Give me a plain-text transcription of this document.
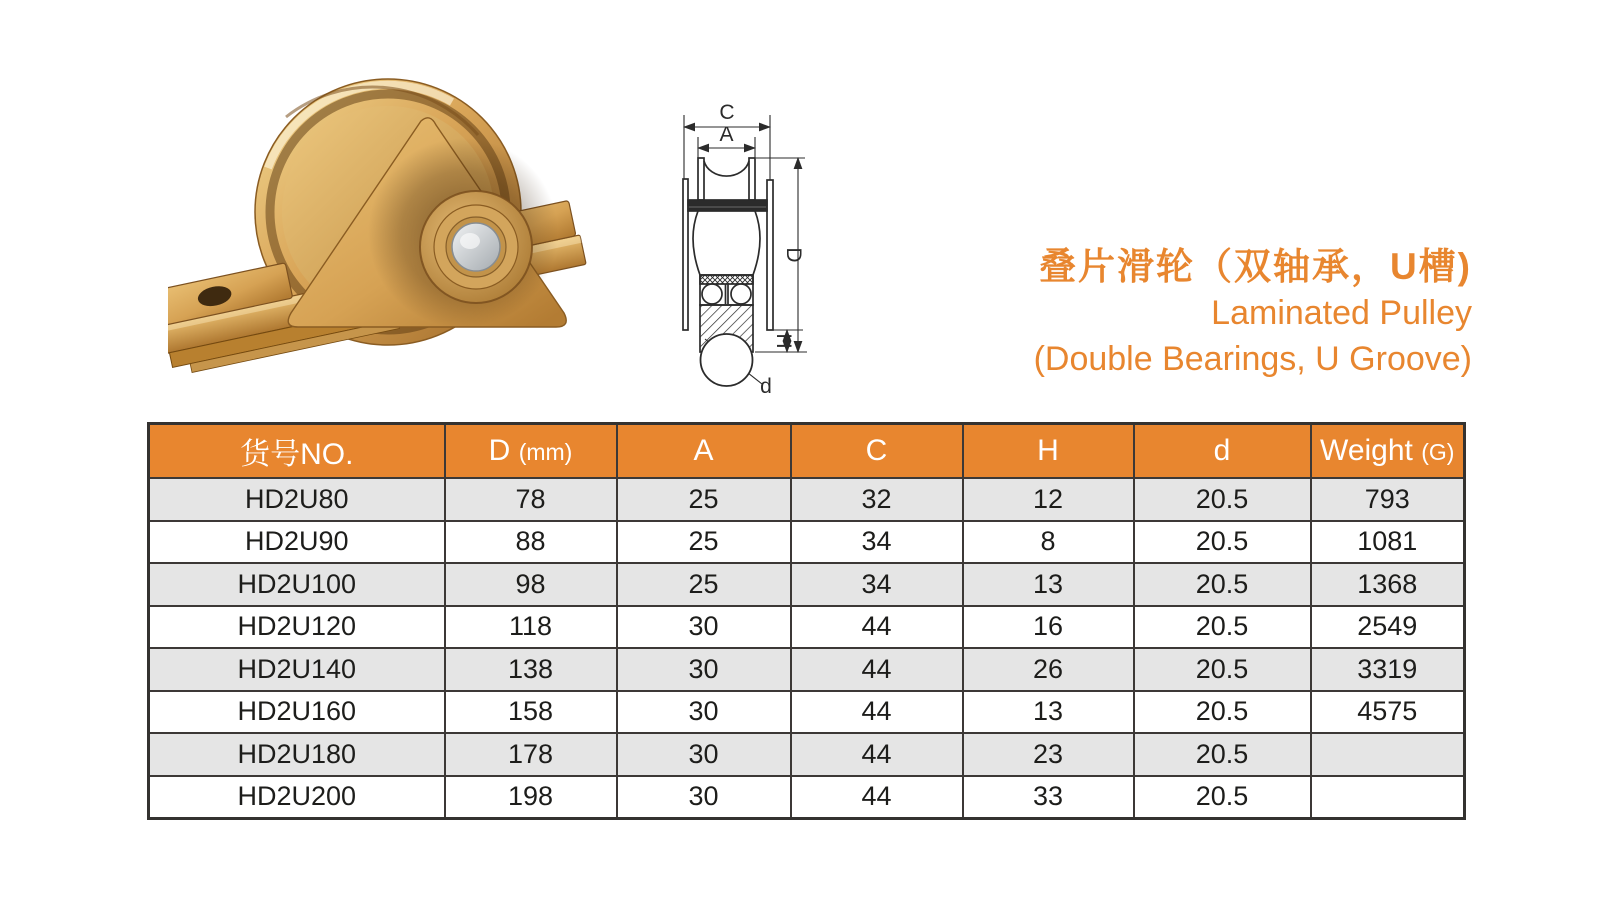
C
A
D
H
d
叠片滑轮（双轴承，U槽)
Laminated Pulley
(Double Bearings, U Groove)
货号NO.	D (mm)	A	C	H	d	Weight (G)
HD2U80	78	25	32	12	20.5	793
HD2U90	88	25	34	8	20.5	1081
HD2U100	98	25	34	13	20.5	1368
HD2U120	118	30	44	16	20.5	2549
HD2U140	138	30	44	26	20.5	3319
HD2U160	158	30	44	13	20.5	4575
HD2U180	178	30	44	23	20.5	
HD2U200	198	30	44	33	20.5	
